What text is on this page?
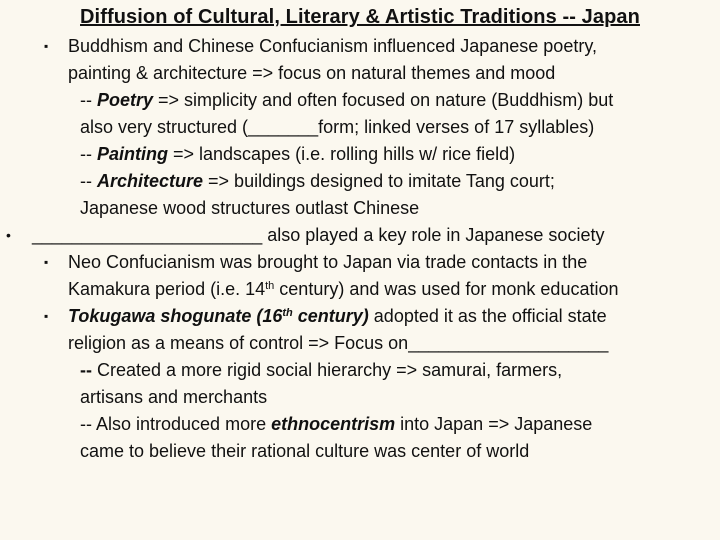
Diffusion of Cultural, Literary & Artistic Traditions -- Japan
▪ Buddhism and Chinese Confucianism influenced Japanese poetry,
painting & architecture => focus on natural themes and mood
-- Poetry => simplicity and often focused on nature (Buddhism) but
also very structured (_______form; linked verses of 17 syllables)
-- Painting => landscapes (i.e. rolling hills w/ rice field)
-- Architecture => buildings designed to imitate Tang court;
Japanese wood structures outlast Chinese
• _______________________ also played a key role in Japanese society
▪ Neo Confucianism was brought to Japan via trade contacts in the
Kamakura period (i.e. 14th century) and was used for monk education
▪ Tokugawa shogunate (16th century) adopted it as the official state
religion as a means of control => Focus on____________________
-- Created a more rigid social hierarchy => samurai, farmers,
artisans and merchants
-- Also introduced more ethnocentrism into Japan => Japanese
came to believe their rational culture was center of world
